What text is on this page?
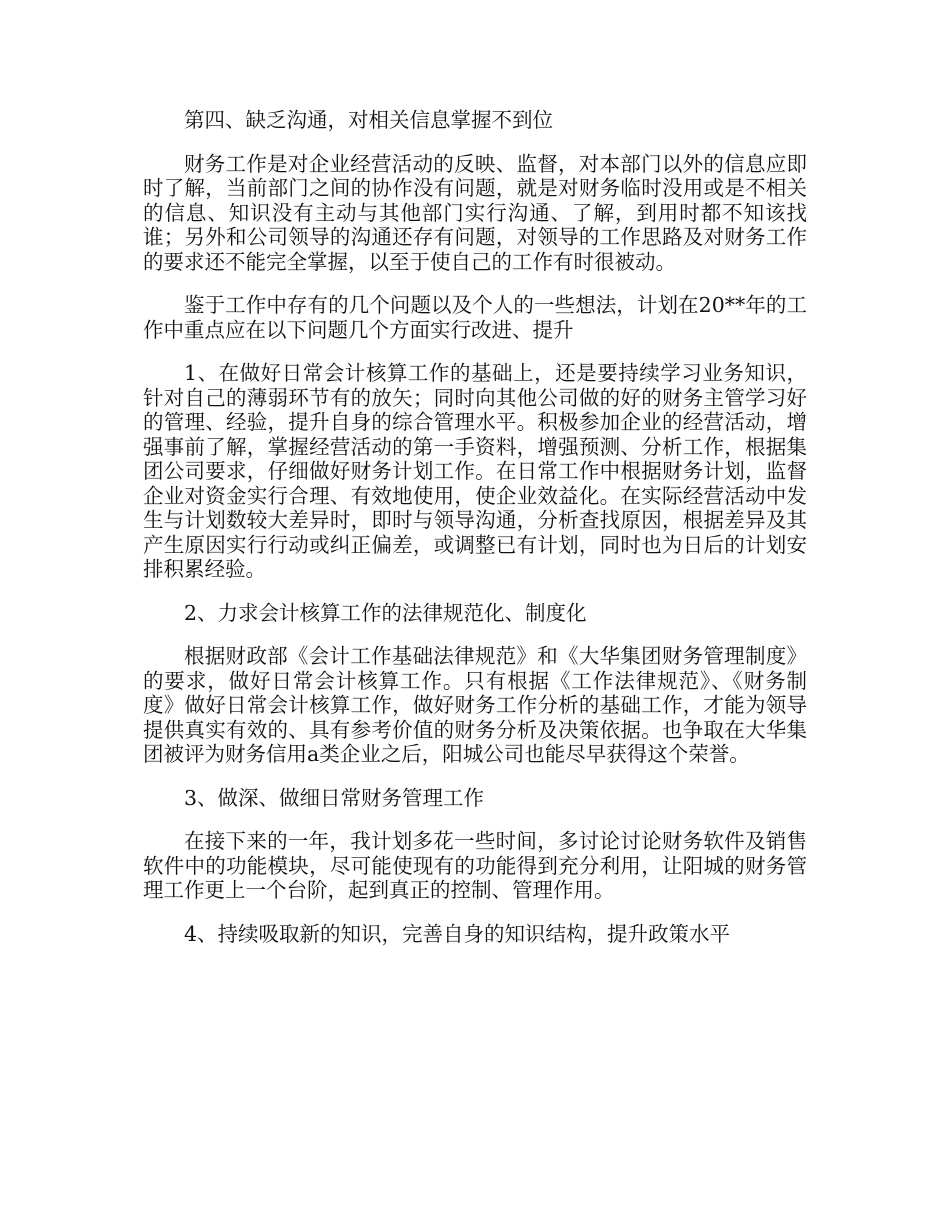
第四、缺乏沟通，对相关信息掌握不到位

财务工作是对企业经营活动的反映、监督，对本部门以外的信息应即时了解，当前部门之间的协作没有问题，就是对财务临时没用或是不相关的信息、知识没有主动与其他部门实行沟通、了解，到用时都不知该找谁；另外和公司领导的沟通还存有问题，对领导的工作思路及对财务工作的要求还不能完全掌握，以至于使自己的工作有时很被动。

鉴于工作中存有的几个问题以及个人的一些想法，计划在20**年的工作中重点应在以下问题几个方面实行改进、提升

1、在做好日常会计核算工作的基础上，还是要持续学习业务知识，针对自己的薄弱环节有的放矢；同时向其他公司做的好的财务主管学习好的管理、经验，提升自身的综合管理水平。积极参加企业的经营活动，增强事前了解，掌握经营活动的第一手资料，增强预测、分析工作，根据集团公司要求，仔细做好财务计划工作。在日常工作中根据财务计划，监督企业对资金实行合理、有效地使用，使企业效益化。在实际经营活动中发生与计划数较大差异时，即时与领导沟通，分析查找原因，根据差异及其产生原因实行行动或纠正偏差，或调整已有计划，同时也为日后的计划安排积累经验。

2、力求会计核算工作的法律规范化、制度化

根据财政部《会计工作基础法律规范》和《大华集团财务管理制度》的要求，做好日常会计核算工作。只有根据《工作法律规范》、《财务制度》做好日常会计核算工作，做好财务工作分析的基础工作，才能为领导提供真实有效的、具有参考价值的财务分析及决策依据。也争取在大华集团被评为财务信用a类企业之后，阳城公司也能尽早获得这个荣誉。

3、做深、做细日常财务管理工作

在接下来的一年，我计划多花一些时间，多讨论讨论财务软件及销售软件中的功能模块，尽可能使现有的功能得到充分利用，让阳城的财务管理工作更上一个台阶，起到真正的控制、管理作用。

4、持续吸取新的知识，完善自身的知识结构，提升政策水平
